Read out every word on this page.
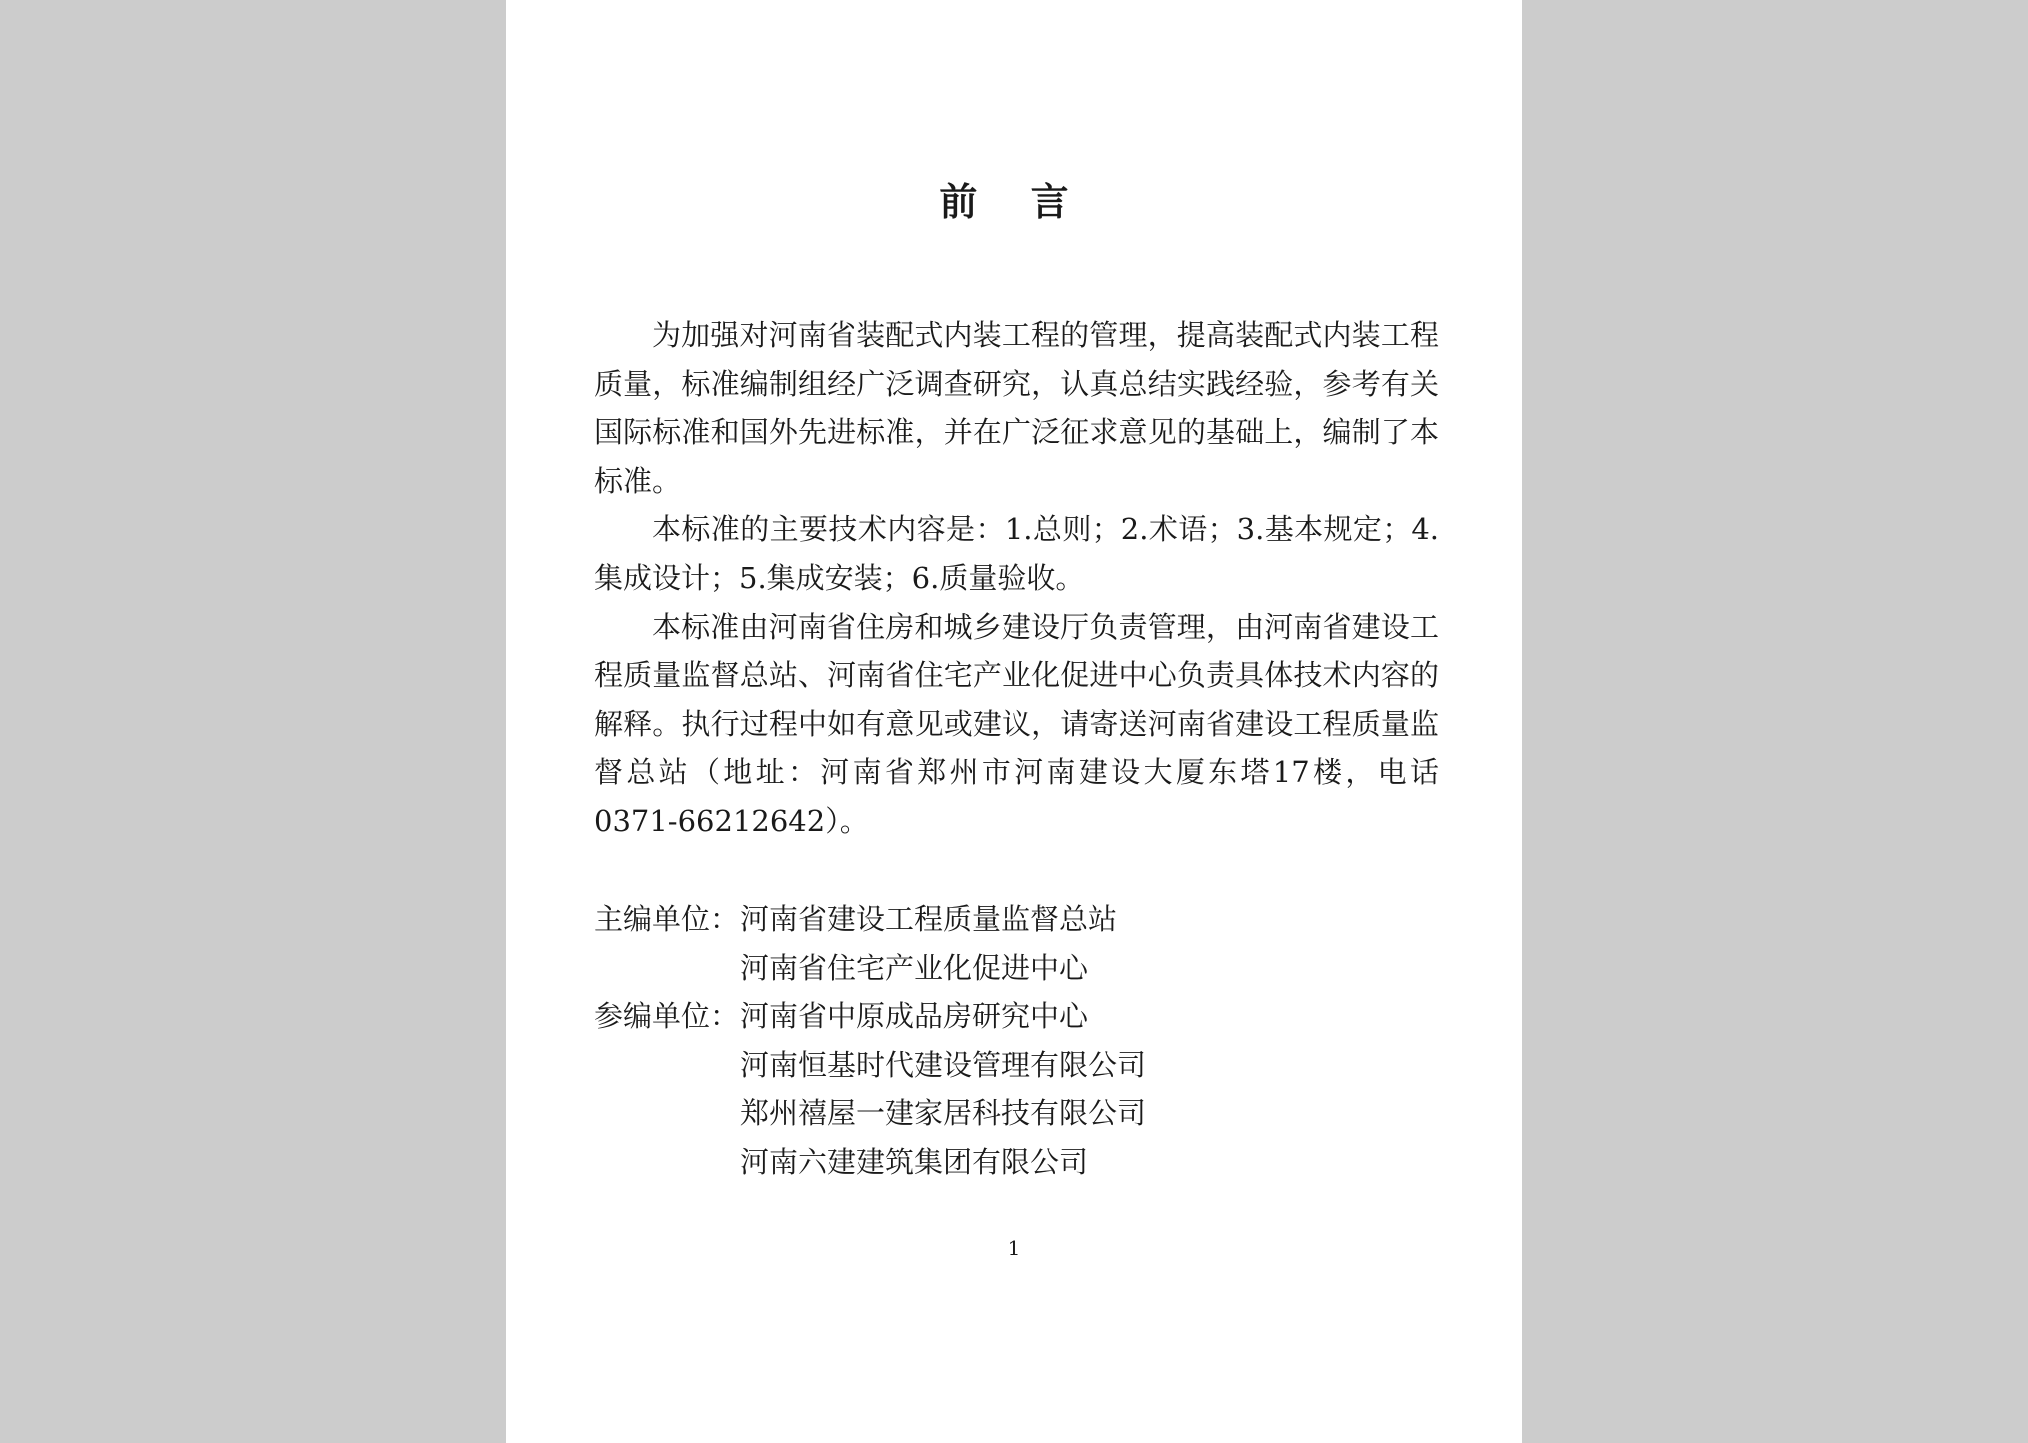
前 言

为加强对河南省装配式内装工程的管理，提高装配式内装工程质量，标准编制组经广泛调查研究，认真总结实践经验，参考有关国际标准和国外先进标准，并在广泛征求意见的基础上，编制了本标准。

本标准的主要技术内容是：1.总则；2.术语；3.基本规定；4.集成设计；5.集成安装；6.质量验收。

本标准由河南省住房和城乡建设厅负责管理，由河南省建设工程质量监督总站、河南省住宅产业化促进中心负责具体技术内容的解释。执行过程中如有意见或建议，请寄送河南省建设工程质量监督总站（地址：河南省郑州市河南建设大厦东塔17楼，电话0371-66212642）。

主编单位： 河南省建设工程质量监督总站
河南省住宅产业化促进中心
参编单位： 河南省中原成品房研究中心
河南恒基时代建设管理有限公司
郑州禧屋一建家居科技有限公司
河南六建建筑集团有限公司
1
